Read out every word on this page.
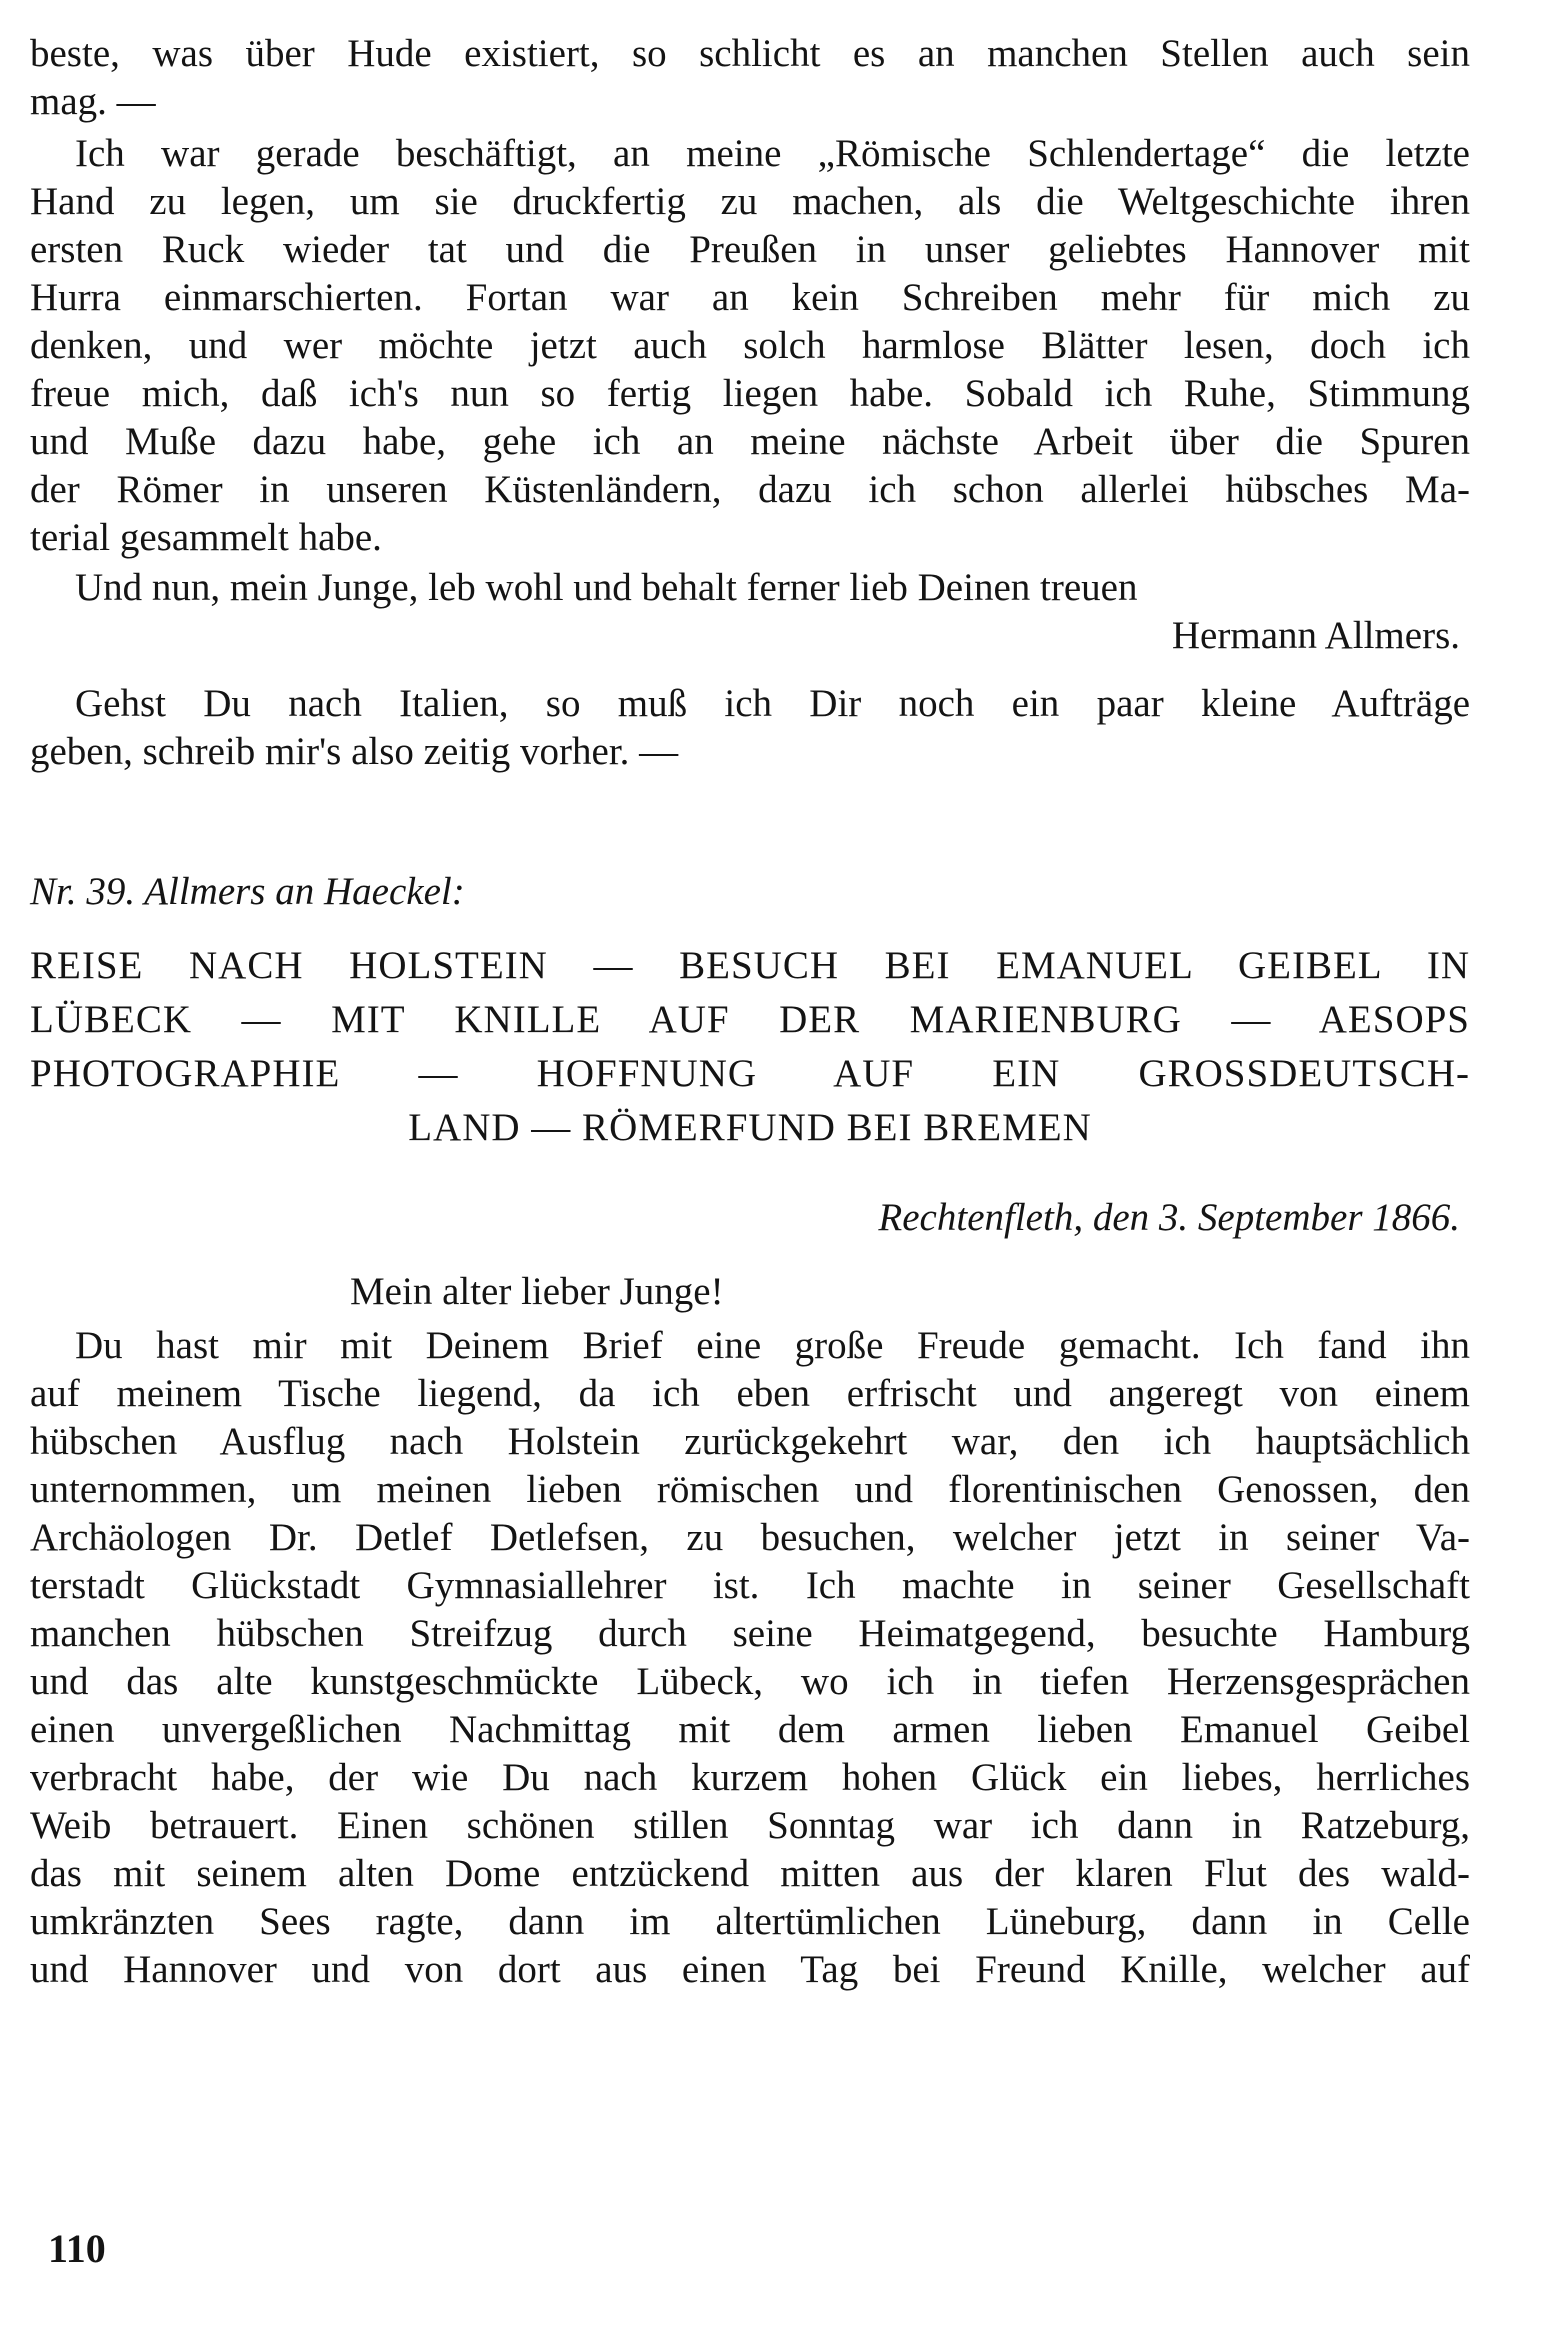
beste, was über Hude existiert, so schlicht es an manchen Stellen auch sein
mag. —
Ich war gerade beschäftigt, an meine „Römische Schlendertage“ die letzte
Hand zu legen, um sie druckfertig zu machen, als die Weltgeschichte ihren
ersten Ruck wieder tat und die Preußen in unser geliebtes Hannover mit
Hurra einmarschierten. Fortan war an kein Schreiben mehr für mich zu
denken, und wer möchte jetzt auch solch harmlose Blätter lesen, doch ich
freue mich, daß ich's nun so fertig liegen habe. Sobald ich Ruhe, Stimmung
und Muße dazu habe, gehe ich an meine nächste Arbeit über die Spuren
der Römer in unseren Küstenländern, dazu ich schon allerlei hübsches Ma-
terial gesammelt habe.
Und nun, mein Junge, leb wohl und behalt ferner lieb Deinen treuen
Hermann Allmers.
Gehst Du nach Italien, so muß ich Dir noch ein paar kleine Aufträge
geben, schreib mir's also zeitig vorher. —
Nr. 39. Allmers an Haeckel:
REISE NACH HOLSTEIN — BESUCH BEI EMANUEL GEIBEL IN
LÜBECK — MIT KNILLE AUF DER MARIENBURG — AESOPS
PHOTOGRAPHIE — HOFFNUNG AUF EIN GROSSDEUTSCH-
LAND — RÖMERFUND BEI BREMEN
Rechtenfleth, den 3. September 1866.
Mein alter lieber Junge!
Du hast mir mit Deinem Brief eine große Freude gemacht. Ich fand ihn
auf meinem Tische liegend, da ich eben erfrischt und angeregt von einem
hübschen Ausflug nach Holstein zurückgekehrt war, den ich hauptsächlich
unternommen, um meinen lieben römischen und florentinischen Genossen, den
Archäologen Dr. Detlef Detlefsen, zu besuchen, welcher jetzt in seiner Va-
terstadt Glückstadt Gymnasiallehrer ist. Ich machte in seiner Gesellschaft
manchen hübschen Streifzug durch seine Heimatgegend, besuchte Hamburg
und das alte kunstgeschmückte Lübeck, wo ich in tiefen Herzensgesprächen
einen unvergeßlichen Nachmittag mit dem armen lieben Emanuel Geibel
verbracht habe, der wie Du nach kurzem hohen Glück ein liebes, herrliches
Weib betrauert. Einen schönen stillen Sonntag war ich dann in Ratzeburg,
das mit seinem alten Dome entzückend mitten aus der klaren Flut des wald-
umkränzten Sees ragte, dann im altertümlichen Lüneburg, dann in Celle
und Hannover und von dort aus einen Tag bei Freund Knille, welcher auf
110
